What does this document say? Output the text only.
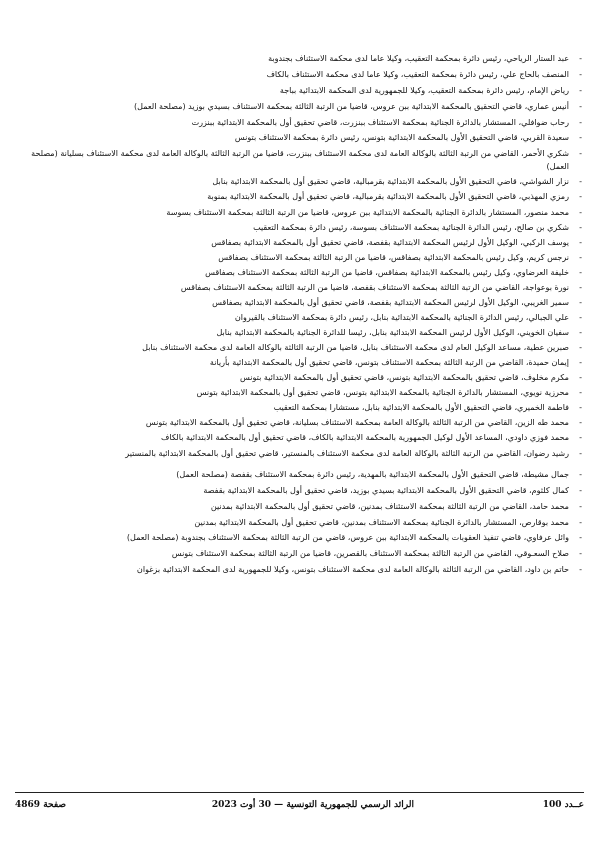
-
عبد الستار الرياحي، رئيس دائرة بمحكمة التعقيب، وكيلا عاما لدى محكمة الاستئناف بجندوبة
-
المنصف بالحاج علي، رئيس دائرة بمحكمة التعقيب، وكيلا عاما لدى محكمة الاستئناف بالكاف
-
رياض الإمام، رئيس دائرة بمحكمة التعقيب، وكيلا للجمهورية لدى المحكمة الابتدائية بباجة
-
أنيس عماري، قاضي التحقيق بالمحكمة الابتدائية ببن عروس، قاضيا من الرتبة الثالثة بمحكمة الاستئناف بسيدي بوزيد (مصلحة العمل)
-
رحاب ضوافلي، المستشار بالدائرة الجنائية بمحكمة الاستئناف ببنزرت، قاضي تحقيق أول بالمحكمة الابتدائية ببنزرت
-
سعيدة القربي، قاضي التحقيق الأول بالمحكمة الابتدائية بتونس، رئيس دائرة بمحكمة الاستئناف بتونس
-
شكري الأحمر، القاضي من الرتبة الثالثة بالوكالة العامة لدى محكمة الاستئناف ببنزرت، قاضيا من الرتبة الثالثة بالوكالة العامة لدى محكمة الاستئناف بسليانة (مصلحة العمل)
-
نزار الشواشي، قاضي التحقيق الأول بالمحكمة الابتدائية بقرمبالية، قاضي تحقيق أول بالمحكمة الابتدائية بنابل
-
رمزي المهذبي، قاضي التحقيق الأول بالمحكمة الابتدائية بقرمبالية، قاضي تحقيق أول بالمحكمة الابتدائية بمنوبة
-
محمد منصور، المستشار بالدائرة الجنائية بالمحكمة الابتدائية ببن عروس، قاضيا من الرتبة الثالثة بمحكمة الاستئناف بسوسة
-
شكري بن صالح، رئيس الدائرة الجنائية بمحكمة الاستئناف بسوسة، رئيس دائرة بمحكمة التعقيب
-
يوسف الركبي، الوكيل الأول لرئيس المحكمة الابتدائية بقفصة، قاضي تحقيق أول بالمحكمة الابتدائية بصفاقس
-
نرجس كريم، وكيل رئيس بالمحكمة الابتدائية بصفاقس، قاضيا من الرتبة الثالثة بمحكمة الاستئناف بصفاقس
-
خليفة العرضاوي، وكيل رئيس بالمحكمة الابتدائية بصفاقس، قاضيا من الرتبة الثالثة بمحكمة الاستئناف بصفاقس
-
نورة بوعواجة، القاضي من الرتبة الثالثة بمحكمة الاستئناف بقفصة، قاضيا من الرتبة الثالثة بمحكمة الاستئناف بصفاقس
-
سمير الغريبي، الوكيل الأول لرئيس المحكمة الابتدائية بقفصة، قاضي تحقيق أول بالمحكمة الابتدائية بصفاقس
-
علي الجبالي، رئيس الدائرة الجنائية بالمحكمة الابتدائية بنابل، رئيس دائرة بمحكمة الاستئناف بالقيروان
-
سفيان الخويني، الوكيل الأول لرئيس المحكمة الابتدائية بنابل، رئيسا للدائرة الجنائية بالمحكمة الابتدائية بنابل
-
صبرين عطية، مساعد الوكيل العام لدى محكمة الاستئناف بنابل، قاضيا من الرتبة الثالثة بالوكالة العامة لدى محكمة الاستئناف بنابل
-
إيمان حميدة، القاضي من الرتبة الثالثة بمحكمة الاستئناف بتونس، قاضي تحقيق أول بالمحكمة الابتدائية بأريانة
-
مكرم مخلوف، قاضي تحقيق بالمحكمة الابتدائية بتونس، قاضي تحقيق أول بالمحكمة الابتدائية بتونس
-
محرزية نويوي، المستشار بالدائرة الجنائية بالمحكمة الابتدائية بتونس، قاضي تحقيق أول بالمحكمة الابتدائية بتونس
-
فاطمة الخميري، قاضي التحقيق الأول بالمحكمة الابتدائية بنابل، مستشارا بمحكمة التعقيب
-
محمد طه الزين، القاضي من الرتبة الثالثة بالوكالة العامة بمحكمة الاستئناف بسليانة، قاضي تحقيق أول بالمحكمة الابتدائية بتونس
-
محمد فوزي داودي، المساعد الأول لوكيل الجمهورية بالمحكمة الابتدائية بالكاف، قاضي تحقيق أول بالمحكمة الابتدائية بالكاف
-
رشيد رضوان، القاضي من الرتبة الثالثة بالوكالة العامة لدى محكمة الاستئناف بالمنستير، قاضي تحقيق أول بالمحكمة الابتدائية بالمنستير
-
جمال مشيطة، قاضي التحقيق الأول بالمحكمة الابتدائية بالمهدية، رئيس دائرة بمحكمة الاستئناف بقفصة (مصلحة العمل)
-
كمال كلثوم، قاضي التحقيق الأول بالمحكمة الابتدائية بسيدي بوزيد، قاضي تحقيق أول بالمحكمة الابتدائية بقفصة
-
محمد حامد، القاضي من الرتبة الثالثة بمحكمة الاستئناف بمدنين، قاضي تحقيق أول بالمحكمة الابتدائية بمدنين
-
محمد بوقارص، المستشار بالدائرة الجنائية بمحكمة الاستئناف بمدنين، قاضي تحقيق أول بالمحكمة الابتدائية بمدنين
-
وائل عرفاوي، قاضي تنفيذ العقوبات بالمحكمة الابتدائية ببن عروس، قاضي من الرتبة الثالثة بمحكمة الاستئناف بجندوبة (مصلحة العمل)
-
صلاح السعـوقي، القاضي من الرتبة الثالثة بمحكمة الاستئناف بالقصرين، قاضيا من الرتبة الثالثة بمحكمة الاستئناف بتونس
-
حاتم بن داود، القاضي من الرتبة الثالثة بالوكالة العامة لدى محكمة الاستئناف بتونس، وكيلا للجمهورية لدى المحكمة الابتدائية بزغوان
عــدد 100
الرائد الرسمي للجمهورية التونسية — 30 أوت 2023
صفحة 4869
